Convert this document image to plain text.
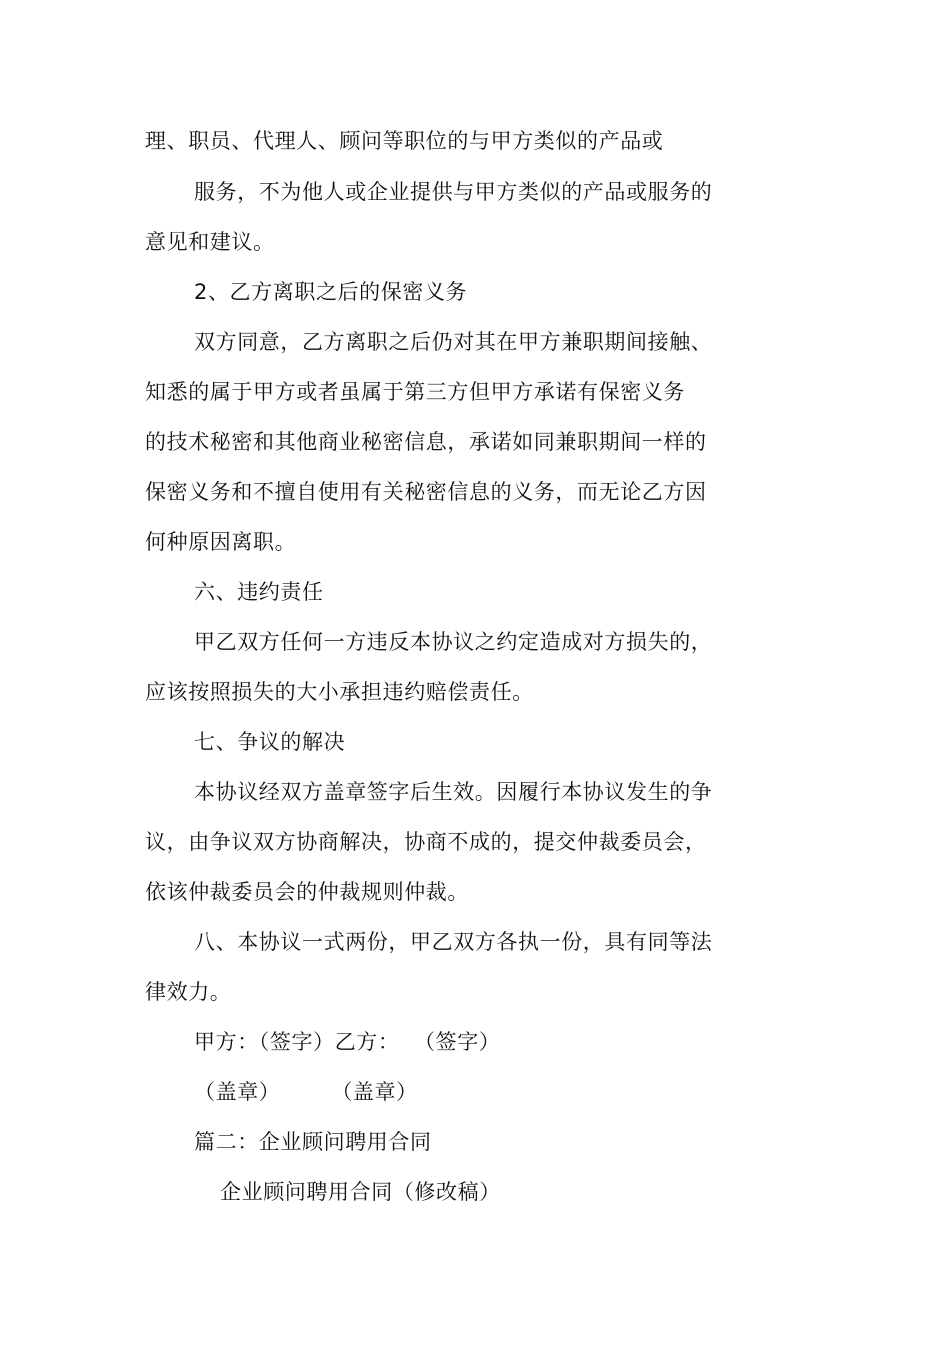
理、职员、代理人、顾问等职位的与甲方类似的产品或
服务，不为他人或企业提供与甲方类似的产品或服务的
意见和建议。
2、乙方离职之后的保密义务
双方同意，乙方离职之后仍对其在甲方兼职期间接触、
知悉的属于甲方或者虽属于第三方但甲方承诺有保密义务
的技术秘密和其他商业秘密信息，承诺如同兼职期间一样的
保密义务和不擅自使用有关秘密信息的义务，而无论乙方因
何种原因离职。
六、违约责任
甲乙双方任何一方违反本协议之约定造成对方损失的，
应该按照损失的大小承担违约赔偿责任。
七、争议的解决
本协议经双方盖章签字后生效。因履行本协议发生的争
议，由争议双方协商解决，协商不成的，提交仲裁委员会，
依该仲裁委员会的仲裁规则仲裁。
八、本协议一式两份，甲乙双方各执一份，具有同等法
律效力。
甲方：（签字）乙方：  （签字）
（盖章）       （盖章）
篇二：企业顾问聘用合同
企业顾问聘用合同（修改稿）
